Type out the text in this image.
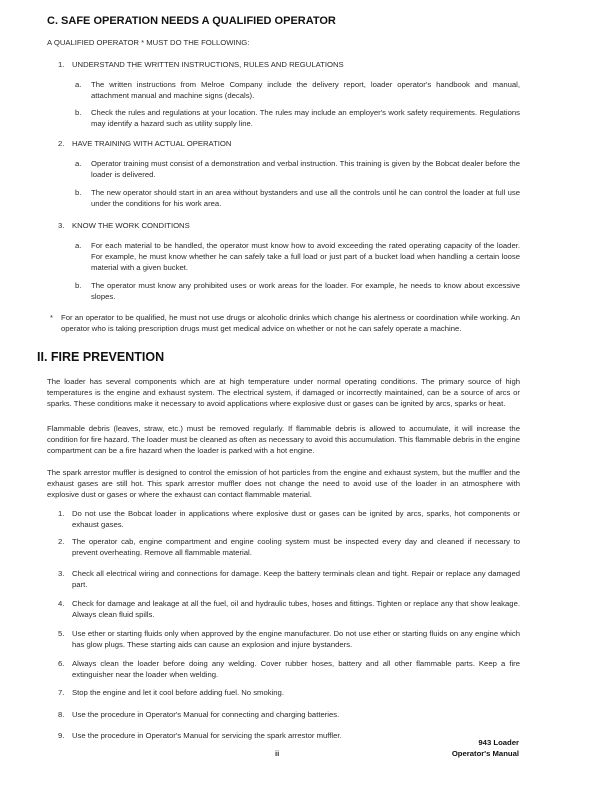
C. SAFE OPERATION NEEDS A QUALIFIED OPERATOR
A QUALIFIED OPERATOR * MUST DO THE FOLLOWING:
1. UNDERSTAND THE WRITTEN INSTRUCTIONS, RULES AND REGULATIONS
a. The written instructions from Melroe Company include the delivery report, loader operator's handbook and manual, attachment manual and machine signs (decals).
b. Check the rules and regulations at your location. The rules may include an employer's work safety requirements. Regulations may identify a hazard such as utility supply line.
2. HAVE TRAINING WITH ACTUAL OPERATION
a. Operator training must consist of a demonstration and verbal instruction. This training is given by the Bobcat dealer before the loader is delivered.
b. The new operator should start in an area without bystanders and use all the controls until he can control the loader at full use under the conditions for his work area.
3. KNOW THE WORK CONDITIONS
a. For each material to be handled, the operator must know how to avoid exceeding the rated operating capacity of the loader. For example, he must know whether he can safely take a full load or just part of a bucket load when handling a certain loose material with a given bucket.
b. The operator must know any prohibited uses or work areas for the loader. For example, he needs to know about excessive slopes.
* For an operator to be qualified, he must not use drugs or alcoholic drinks which change his alertness or coordination while working. An operator who is taking prescription drugs must get medical advice on whether or not he can safely operate a machine.
II. FIRE PREVENTION
The loader has several components which are at high temperature under normal operating conditions. The primary source of high temperatures is the engine and exhaust system. The electrical system, if damaged or incorrectly maintained, can be a source of arcs or sparks. These conditions make it necessary to avoid applications where explosive dust or gases can be ignited by arcs, sparks or heat.
Flammable debris (leaves, straw, etc.) must be removed regularly. If flammable debris is allowed to accumulate, it will increase the condition for fire hazard. The loader must be cleaned as often as necessary to avoid this accumulation. This flammable debris in the engine compartment can be a fire hazard when the loader is parked with a hot engine.
The spark arrestor muffler is designed to control the emission of hot particles from the engine and exhaust system, but the muffler and the exhaust gases are still hot. This spark arrestor muffler does not change the need to avoid use of the loader in an atmosphere with explosive dust or gases or where the exhaust can contact flammable material.
1. Do not use the Bobcat loader in applications where explosive dust or gases can be ignited by arcs, sparks, hot components or exhaust gases.
2. The operator cab, engine compartment and engine cooling system must be inspected every day and cleaned if necessary to prevent overheating. Remove all flammable material.
3. Check all electrical wiring and connections for damage. Keep the battery terminals clean and tight. Repair or replace any damaged part.
4. Check for damage and leakage at all the fuel, oil and hydraulic tubes, hoses and fittings. Tighten or replace any that show leakage. Always clean fluid spills.
5. Use ether or starting fluids only when approved by the engine manufacturer. Do not use ether or starting fluids on any engine which has glow plugs. These starting aids can cause an explosion and injure bystanders.
6. Always clean the loader before doing any welding. Cover rubber hoses, battery and all other flammable parts. Keep a fire extinguisher near the loader when welding.
7. Stop the engine and let it cool before adding fuel. No smoking.
8. Use the procedure in Operator's Manual for connecting and charging batteries.
9. Use the procedure in Operator's Manual for servicing the spark arrestor muffler.
ii
943 Loader
Operator's Manual
